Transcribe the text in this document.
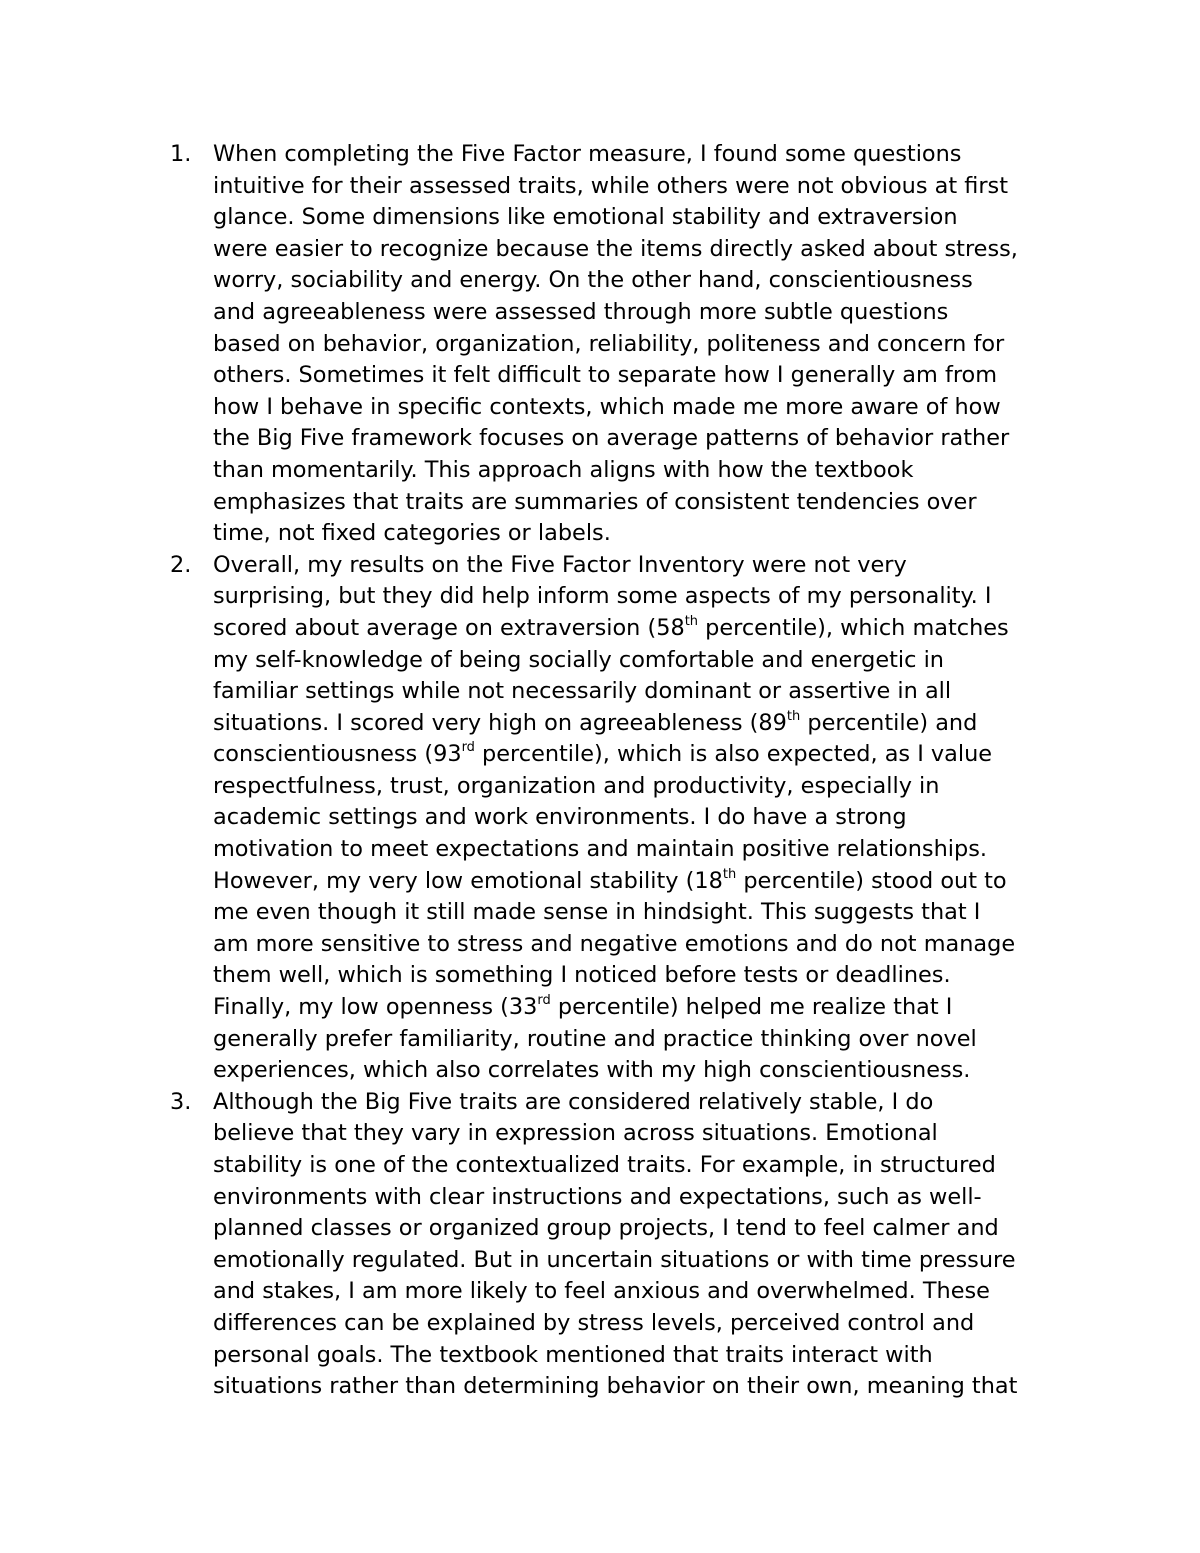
1. When completing the Five Factor measure, I found some questions
intuitive for their assessed traits, while others were not obvious at first
glance. Some dimensions like emotional stability and extraversion
were easier to recognize because the items directly asked about stress,
worry, sociability and energy. On the other hand, conscientiousness
and agreeableness were assessed through more subtle questions
based on behavior, organization, reliability, politeness and concern for
others. Sometimes it felt difficult to separate how I generally am from
how I behave in specific contexts, which made me more aware of how
the Big Five framework focuses on average patterns of behavior rather
than momentarily. This approach aligns with how the textbook
emphasizes that traits are summaries of consistent tendencies over
time, not fixed categories or labels.
2. Overall, my results on the Five Factor Inventory were not very
surprising, but they did help inform some aspects of my personality. I
scored about average on extraversion (58th percentile), which matches
my self-knowledge of being socially comfortable and energetic in
familiar settings while not necessarily dominant or assertive in all
situations. I scored very high on agreeableness (89th percentile) and
conscientiousness (93rd percentile), which is also expected, as I value
respectfulness, trust, organization and productivity, especially in
academic settings and work environments. I do have a strong
motivation to meet expectations and maintain positive relationships.
However, my very low emotional stability (18th percentile) stood out to
me even though it still made sense in hindsight. This suggests that I
am more sensitive to stress and negative emotions and do not manage
them well, which is something I noticed before tests or deadlines.
Finally, my low openness (33rd percentile) helped me realize that I
generally prefer familiarity, routine and practice thinking over novel
experiences, which also correlates with my high conscientiousness.
3. Although the Big Five traits are considered relatively stable, I do
believe that they vary in expression across situations. Emotional
stability is one of the contextualized traits. For example, in structured
environments with clear instructions and expectations, such as well-
planned classes or organized group projects, I tend to feel calmer and
emotionally regulated. But in uncertain situations or with time pressure
and stakes, I am more likely to feel anxious and overwhelmed. These
differences can be explained by stress levels, perceived control and
personal goals. The textbook mentioned that traits interact with
situations rather than determining behavior on their own, meaning that
